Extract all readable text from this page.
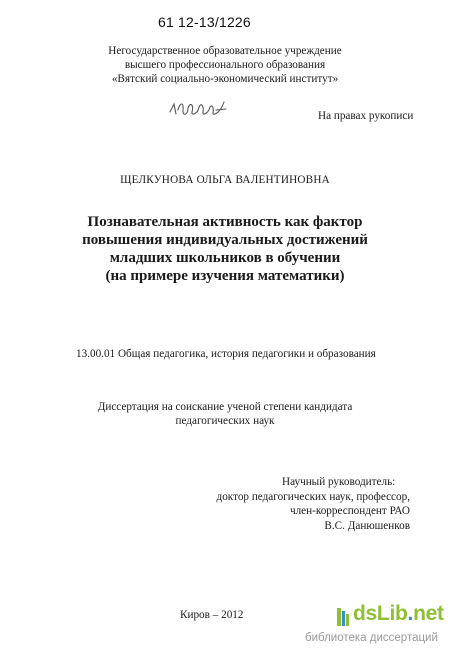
61 12-13/1226
Негосударственное образовательное учреждение
высшего профессионального образования
«Вятский социально-экономический институт»
На правах рукописи
ЩЕЛКУНОВА ОЛЬГА ВАЛЕНТИНОВНА
Познавательная активность как фактор
повышения индивидуальных достижений
младших школьников в обучении
(на примере изучения математики)
13.00.01 Общая педагогика, история педагогики и образования
Диссертация на соискание ученой степени кандидата
педагогических наук
Научный руководитель:
доктор педагогических наук, профессор,
член-корреспондент РАО
В.С. Данюшенков
Киров – 2012	dsLib.net
библиотека диссертаций
